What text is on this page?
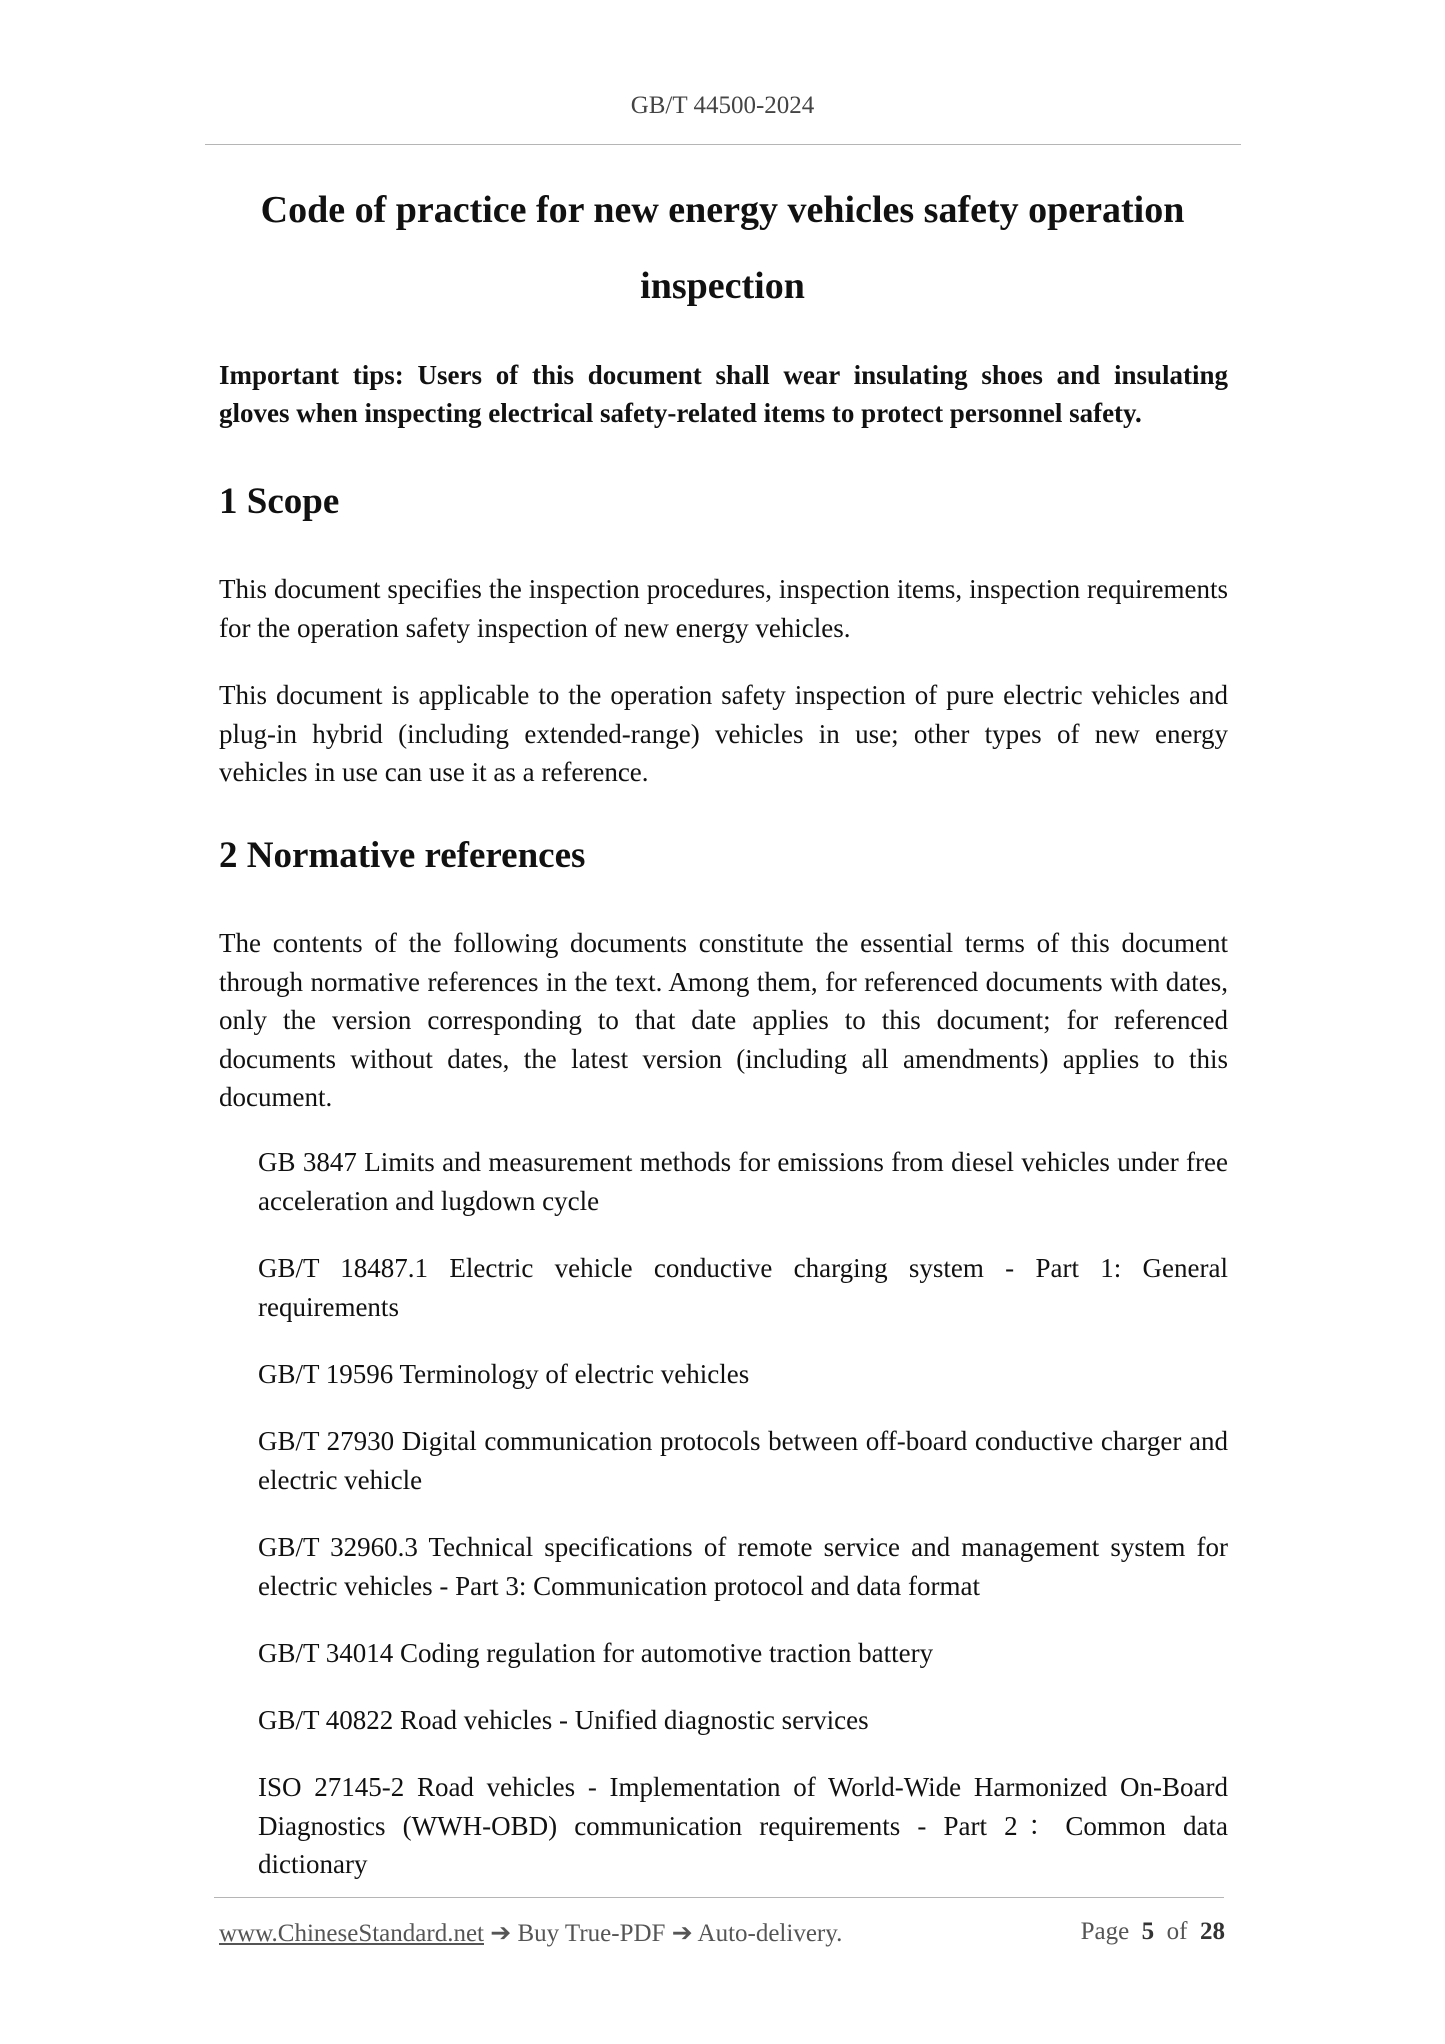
GB/T 44500-2024
Code of practice for new energy vehicles safety operation
inspection

Important tips: Users of this document shall wear insulating shoes and insulating gloves when inspecting electrical safety-related items to protect personnel safety.

1 Scope

This document specifies the inspection procedures, inspection items, inspection requirements for the operation safety inspection of new energy vehicles.

This document is applicable to the operation safety inspection of pure electric vehicles and plug-in hybrid (including extended-range) vehicles in use; other types of new energy vehicles in use can use it as a reference.

2 Normative references

The contents of the following documents constitute the essential terms of this document through normative references in the text. Among them, for referenced documents with dates, only the version corresponding to that date applies to this document; for referenced documents without dates, the latest version (including all amendments) applies to this document.

GB 3847 Limits and measurement methods for emissions from diesel vehicles under free acceleration and lugdown cycle

GB/T 18487.1 Electric vehicle conductive charging system - Part 1: General requirements

GB/T 19596 Terminology of electric vehicles

GB/T 27930 Digital communication protocols between off-board conductive charger and electric vehicle

GB/T 32960.3 Technical specifications of remote service and management system for electric vehicles - Part 3: Communication protocol and data format

GB/T 34014 Coding regulation for automotive traction battery

GB/T 40822 Road vehicles - Unified diagnostic services

ISO 27145-2 Road vehicles - Implementation of World-Wide Harmonized On-Board Diagnostics (WWH-OBD) communication requirements - Part 2：Common data dictionary

www.ChineseStandard.net ➔ Buy True-PDF ➔ Auto-delivery.	Page 5 of 28
